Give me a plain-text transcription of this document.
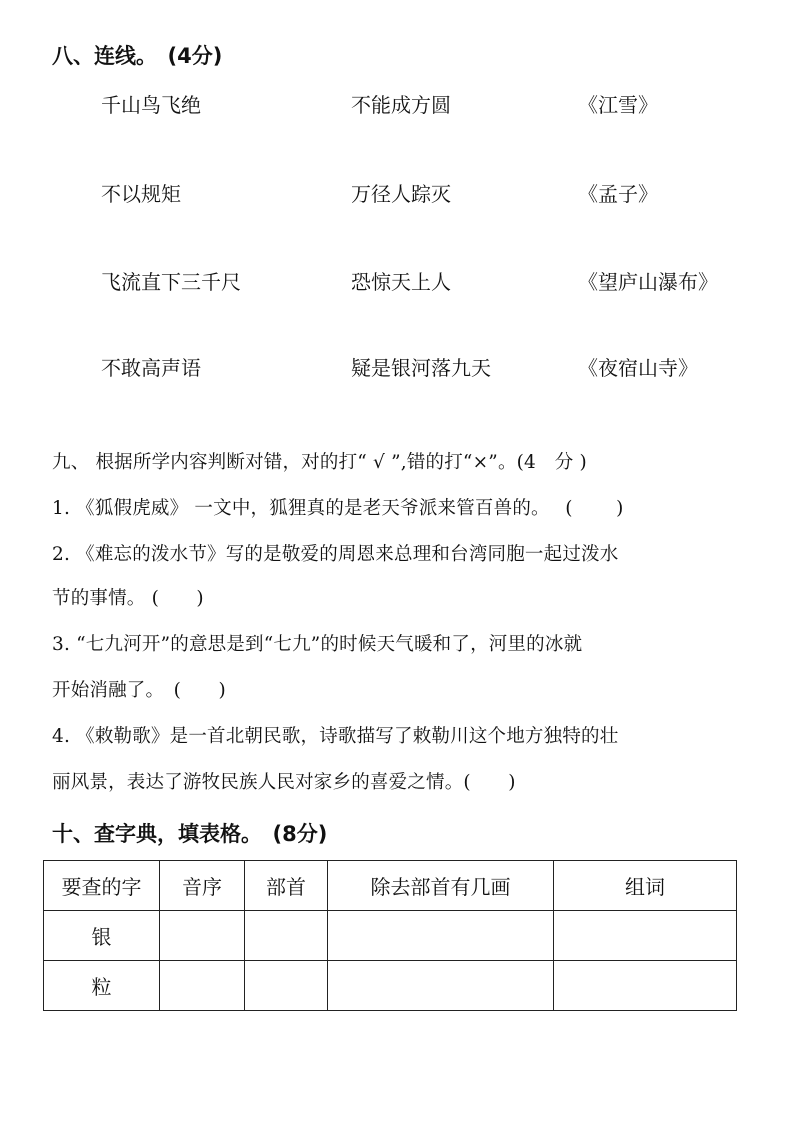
八、连线。　(4分)
千山鸟飞绝
不以规矩
飞流直下三千尺
不敢高声语
不能成方圆
万径人踪灭
恐惊天上人
疑是银河落九天
《江雪》
《孟子》
《望庐山瀑布》
《夜宿山寺》
九、 根据所学内容判断对错，对的打“ √ ”,错的打“×”。(4　分 )
1. 《狐假虎威》 一文中，狐狸真的是老天爷派来管百兽的。　 (　　 )
2. 《难忘的泼水节》写的是敬爱的周恩来总理和台湾同胞一起过泼水
节的事情。 (　　)
3. “七九河开”的意思是到“七九”的时候天气暖和了，河里的冰就
开始消融了。　(　　)
4. 《敕勒歌》是一首北朝民歌，诗歌描写了敕勒川这个地方独特的壮
丽风景，表达了游牧民族人民对家乡的喜爱之情。(　　)
十、查字典，填表格。　(8分)
要查的字	音序	部首	除去部首有几画	组词
银				
粒				
